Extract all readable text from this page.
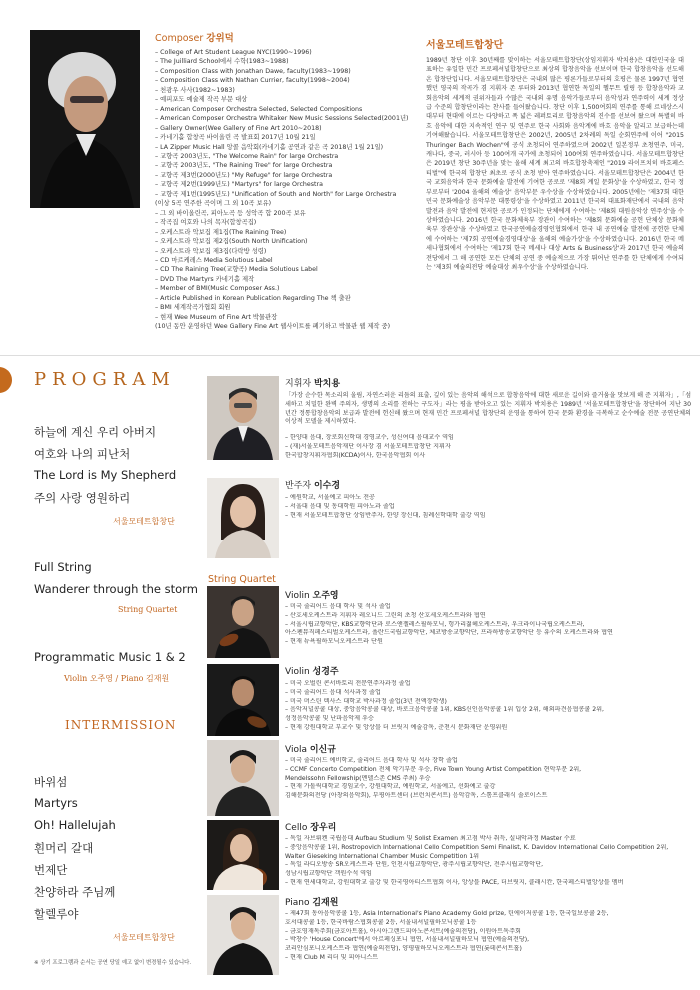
Composer 강위덕
– College of Art Student League NYC(1990~1996)
– The Juilliard School에서 수학(1983~1988)
– Composition Class with Jonathan Dawe, faculty(1983~1998)
– Composition Class with Nathan Currier, faculty(1998~2004)
– 천광우 사사(1982~1983)
– 예피포도 예술제 작곡 부문 대상
– American Composer Orchestra Selected, Selected Compositions
– American Composer Orchestra Whitaker New Music Sessions Selected(2001년)
– Gallery Owner(Wee Gallery of Fine Art 2010~2018)
– 카네기홀 합창곡 바이올린 곡 발표회 2017년 10월 21일
– LA Zipper Music Hall 앙콜 음악회(카네기홀 공연과 같은 곡 2018년 1월 21일)
– 교향곡 2003년도, "The Welcome Rain" for large Orchestra
– 교향곡 2003년도, "The Raining Tree" for large Orchestra
– 교향곡 제3번(2000년도) "My Refuge" for large Orchestra
– 교향곡 제2번(1999년도) "Martyrs" for large Orchestra
– 교향곡 제1번(1995년도) "Unification of South and North" for Large Orchestra
(이상 5곡 연주한 곡이며 그 외 10곡 보유)
– 그 외 바이올린곡, 피아노곡 등 성악곡 합 200곡 보유
– 작곡집 여호와 나의 목자(합창곡집)
– 오케스트라 악보집 제1집(The Raining Tree)
– 오케스트라 악보집 제2집(South North Unification)
– 오케스트라 악보집 제3집(다락방 성령)
– CD 마르케레스 Media Solutious Label
– CD The Raining Tree(교향곡) Media Solutious Label
– DVD The Martyrs 카네기홀 제작
– Member of BMI(Music Composer Ass.)
– Article Published in Korean Publication Regarding The 책 출판
– BMI 세계작곡가협회 회원
– 현재 Wee Museum of Fine Art 박물관장
(10년 동안 운영하던 Wee Gallery Fine Art 웹사이트를 폐기하고 박물관 웹 제작 중)
서울모테트합창단
1989년 창단 이후 30년째를 맞이하는 서울모테트합창단(상임지휘자 박치용)은 대한민국을 대표하는 유일한 민간 프로페셔널합창단으로 최상의 합창음악을 선보이며 한국 합창음악을 선도해 온 합창단입니다. 서울모테트합창단은 국내외 많은 평론가들로부터의 호평은 물론 1997년 협연했던 영국의 작곡가 겸 지휘자 존 루터와 2013년 협연한 독일의 헬무트 릴링 등 합창음악과 교회음악의 세계적 권위자들과 수많은 국내외 유명 음악가들로부터 음악성과 연주력이 세계 정상급 수준의 합창단이라는 찬사를 들어왔습니다. 창단 이후 1,500여회의 연주를 통해 르네상스시대부터 현대에 이르는 다양하고 폭 넓은 레퍼토리로 합창음악의 진수를 선보여 왔으며 특별히 바흐 음악에 대한 지속적인 연구 및 연주로 한국 사회와 음악계에 바흐 음악을 알리고 보급하는데 기여해왔습니다. 서울모테트합창단은 2002년, 2005년 2차례의 독일 순회연주에 이어 "2015 Thuringer Bach Wochen"에 공식 초청되어 연주하였으며 2002년 일본정부 초청연주, 미국, 캐나다, 중국, 러시아 등 100여개 국가에 초청되어 100여회 연주하였습니다. 서울모테트합창단은 2019년 창단 30주년을 맞는 올해 세계 최고의 바흐합창축제인 "2019 라이프치히 바흐페스티벌"에 한국의 합창단 최초로 공식 초청 받아 연주하였습니다. 서울모테트합창단은 2004년 한국 교회음악과 한국 문화예술 발전에 기여한 공로로 '제8회 계일 문화상'을 수상하였고, 한국 정부로부터 '2004 올해의 예술상' 음악부문 우수상을 수상하였습니다. 2005년에는 '제37회 대한민국 문화예술상 음악부문 대통령상'을 수상하였고 2011년 한국의 대표화재단에서 국내의 음악발전과 음악 발전에 현저한 공로가 인정되는 단체에게 수여하는 '제8회 대원음악상 연주상'을 수상하였습니다. 2016년 한국 문화체육부 장관이 수여하는 '제8회 문화예술 공헌 단체상 문화체육부 장관상'을 수상하였고 한국공연예술경영인협회에서 한국 내 공연예술 발전에 공헌한 단체에 수여하는 '제7회 공연예술경영대상'을 올해의 예술가상'을 수상하였습니다. 2016년 한국 메세나협회에서 수여하는 '제17회 한국 메세나 대상 Arts & Business상'과 2017년 한국 예술의전당에서 그 해 공연한 모든 단체의 공연 중 예술적으로 가장 뛰어난 연주를 한 단체에게 수여되는 '제3회 예술의전당 예술대상 최우수상'을 수상하였습니다.
PROGRAM
하늘에 계신 우리 아버지
여호와 나의 피난처
The Lord is My Shepherd
주의 사랑 영원하리
서울모테트합창단
Full String
Wanderer through the storm
String Quartet
Programmatic Music 1 & 2
Violin 오주영 / Piano 김재원
INTERMISSION
바위섬
Martyrs
Oh! Hallelujah
흰머리 갈대
번제단
찬양하라 주님께
할렐루야
서울모테트합창단
※ 상기 프로그램과 순서는 공연 당일 예고 없이 변경될수 있습니다.
지휘자 박치용
「가장 순수한 목소리의 울림, 자연스러운 리듬의 표출, 깊이 있는 음악의 해석으로 합창음악에 대한 새로운 길이와 즐거움을 맛보게 해 준 지휘자」,「섬세하고 치밀한 완벽 주의자, 생명의 소리를 전하는 구도자」라는 평을 받아오고 있는 지휘자 박치용은 1989년 '서울모테트합창단'을 창단하여 지난 30년간 정통합창음악의 보급과 발전에 헌신해 왔으며 현재 민간 프로페셔널 합창단의 운영을 통하여 한국 문화 환경을 극복하고 순수예술 전문 공연단체의 이상적 모델을 제시하였다.
– 한양대 음대, 장로회신학대 경영교수, 성신여대 음대교수 역임
– (재)서울모테트음악재단 이사장 겸 서울모테트합창단 지휘자
한국합창지휘자협회(KCDA)이사, 한국음악협회 이사
반주자 이수경
– 예원학교, 서울예고 피아노 전공
– 서울대 음대 및 동대학원 피아노과 졸업
– 현재 서울모테트합창단 상임반주자, 한양 장신대, 침례신학대학 출강 역임
String Quartet
Violin 오주영
– 미국 줄리어드 음대 학사 및 석사 졸업
– 산호세오케스트라 지휘자 레오니드 그린의 초청 산호세오케스트라와 협연
– 서울시립교향악단, KBS교향악단과 로스앤젤레스필하모닉, 헝가리젊헤오케스트라, 우크라이나국립오케스트라,
아스펜뮤직페스티벌오케스트라, 폴란드국립교향악단, 체코방송교향악단, 프라하방송교향악단 등 유수의 오케스트라와 협연
– 현재 뉴욕필하모닉오케스트라 단원
Violin 성경주
– 미국 오벌린 콘서바토리 전문연주자과정 졸업
– 미국 줄리어드 음대 석사과정 졸업
– 미국 머스틴 텍사스 대학교 박사과정 졸업(3년 전액장학생)
– 음악저널콩쿨 대상, 중앙음악콩쿨 대상, 바로크음악콩쿨 1위, KBS신인음악콩쿨 1위 입상 2위, 해외파견음협콩쿨 2위,
성정음악콩쿨 및 난파음악제 우승
– 현재 강원대학교 부교수 및 앙상블 더 브릿지 예술감독, 춘천시 문화재단 운영위원
Viola 이신규
– 미국 줄리어드 예비학교, 줄리어드 음대 학사 및 석사 장학 졸업
– CCMF Concerto Competition 전체 악기부문 우승, Five Town Young Artist Competition 현악부문 2위,
Mendelssohn Fellowship(멘델스존 CMS 주최) 우승
– 현재 가톨릭대학교 경임교수, 강원대학교, 예원학교, 서울예고, 선화예고 출강
김해문화의전당 (아창의음악회), 부평아트센터 (브런치콘서트) 음악감독, 스톰프클래식 솔로이스트
Cello 장우리
– 독일 자브뤼켄 국립음대 Aufbau Studium 및 Solist Examen 최고점 박사 취득, 실내악과정 Master 수료
– 중앙음악콩쿨 1위, Rostropovich International Cello Competition Semi Finalist, K. Davidov International Cello Competition 2위,
Walter Gieseking International Chamber Music Competition 1위
– 독일 라디오방송 SR오케스트라 단원, 인천시립교향악단, 광주시립교향악단, 전주시립교향악단,
성남시립교향악단 객원수석 역임
– 현재 연세대학교, 강원대학교 출강 및 한국영아티스트협회 이사, 앙상블 PACE, 더브릿지, 클래시칸, 한국페스티벌앙상블 멤버
Piano 김재원
– 제47회 동아음악콩쿨 1등, Asia International's Piano Academy Gold prize, 틴에이저콩쿨 1등, 한국일보콩쿨 2등,
호서대콩쿨 1등, 한국바람스협회콩쿨 2등, 서울내셔널필하모닉콩쿨 1등
– 금호영재독주회(금호아트홀), 아시아그랜드피아노콘서트(예술의전당), 이원아트독주회
– 박창수 'House Concert'에서 아르페싱포니 협연, 서울내셔널필하모닉 협연(예술의전당),
코리안심포니오케스트라 협연(예술의전당), 양평필하모닉오케스트라 협연(롯데콘서트홀)
– 현재 Club M 리더 및 피아니스트
